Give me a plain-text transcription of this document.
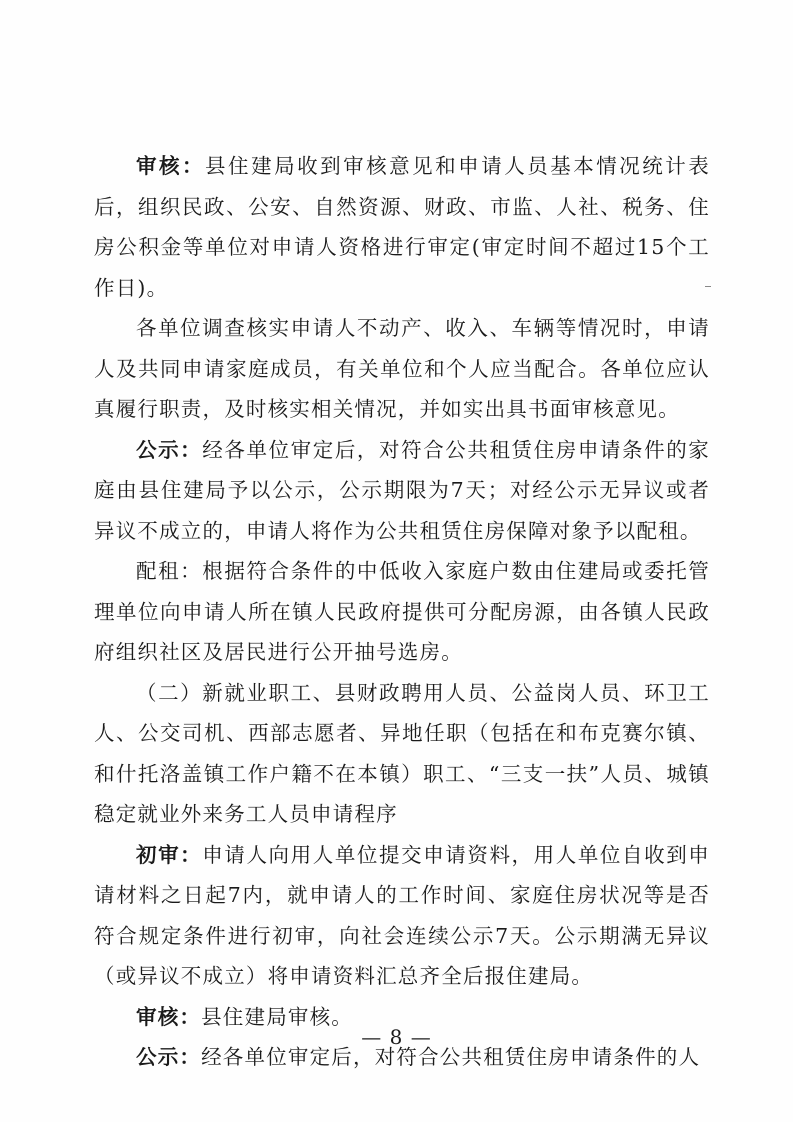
审核：县住建局收到审核意见和申请人员基本情况统计表后，组织民政、公安、自然资源、财政、市监、人社、税务、住房公积金等单位对申请人资格进行审定(审定时间不超过15个工作日)。

各单位调查核实申请人不动产、收入、车辆等情况时，申请人及共同申请家庭成员，有关单位和个人应当配合。各单位应认真履行职责，及时核实相关情况，并如实出具书面审核意见。

公示：经各单位审定后，对符合公共租赁住房申请条件的家庭由县住建局予以公示，公示期限为7天；对经公示无异议或者异议不成立的，申请人将作为公共租赁住房保障对象予以配租。

配租：根据符合条件的中低收入家庭户数由住建局或委托管理单位向申请人所在镇人民政府提供可分配房源，由各镇人民政府组织社区及居民进行公开抽号选房。

（二）新就业职工、县财政聘用人员、公益岗人员、环卫工人、公交司机、西部志愿者、异地任职（包括在和布克赛尔镇、和什托洛盖镇工作户籍不在本镇）职工、“三支一扶”人员、城镇稳定就业外来务工人员申请程序

初审：申请人向用人单位提交申请资料，用人单位自收到申请材料之日起7内，就申请人的工作时间、家庭住房状况等是否符合规定条件进行初审，向社会连续公示7天。公示期满无异议（或异议不成立）将申请资料汇总齐全后报住建局。

审核：县住建局审核。

公示：经各单位审定后，对符合公共租赁住房申请条件的人

— 8 —
